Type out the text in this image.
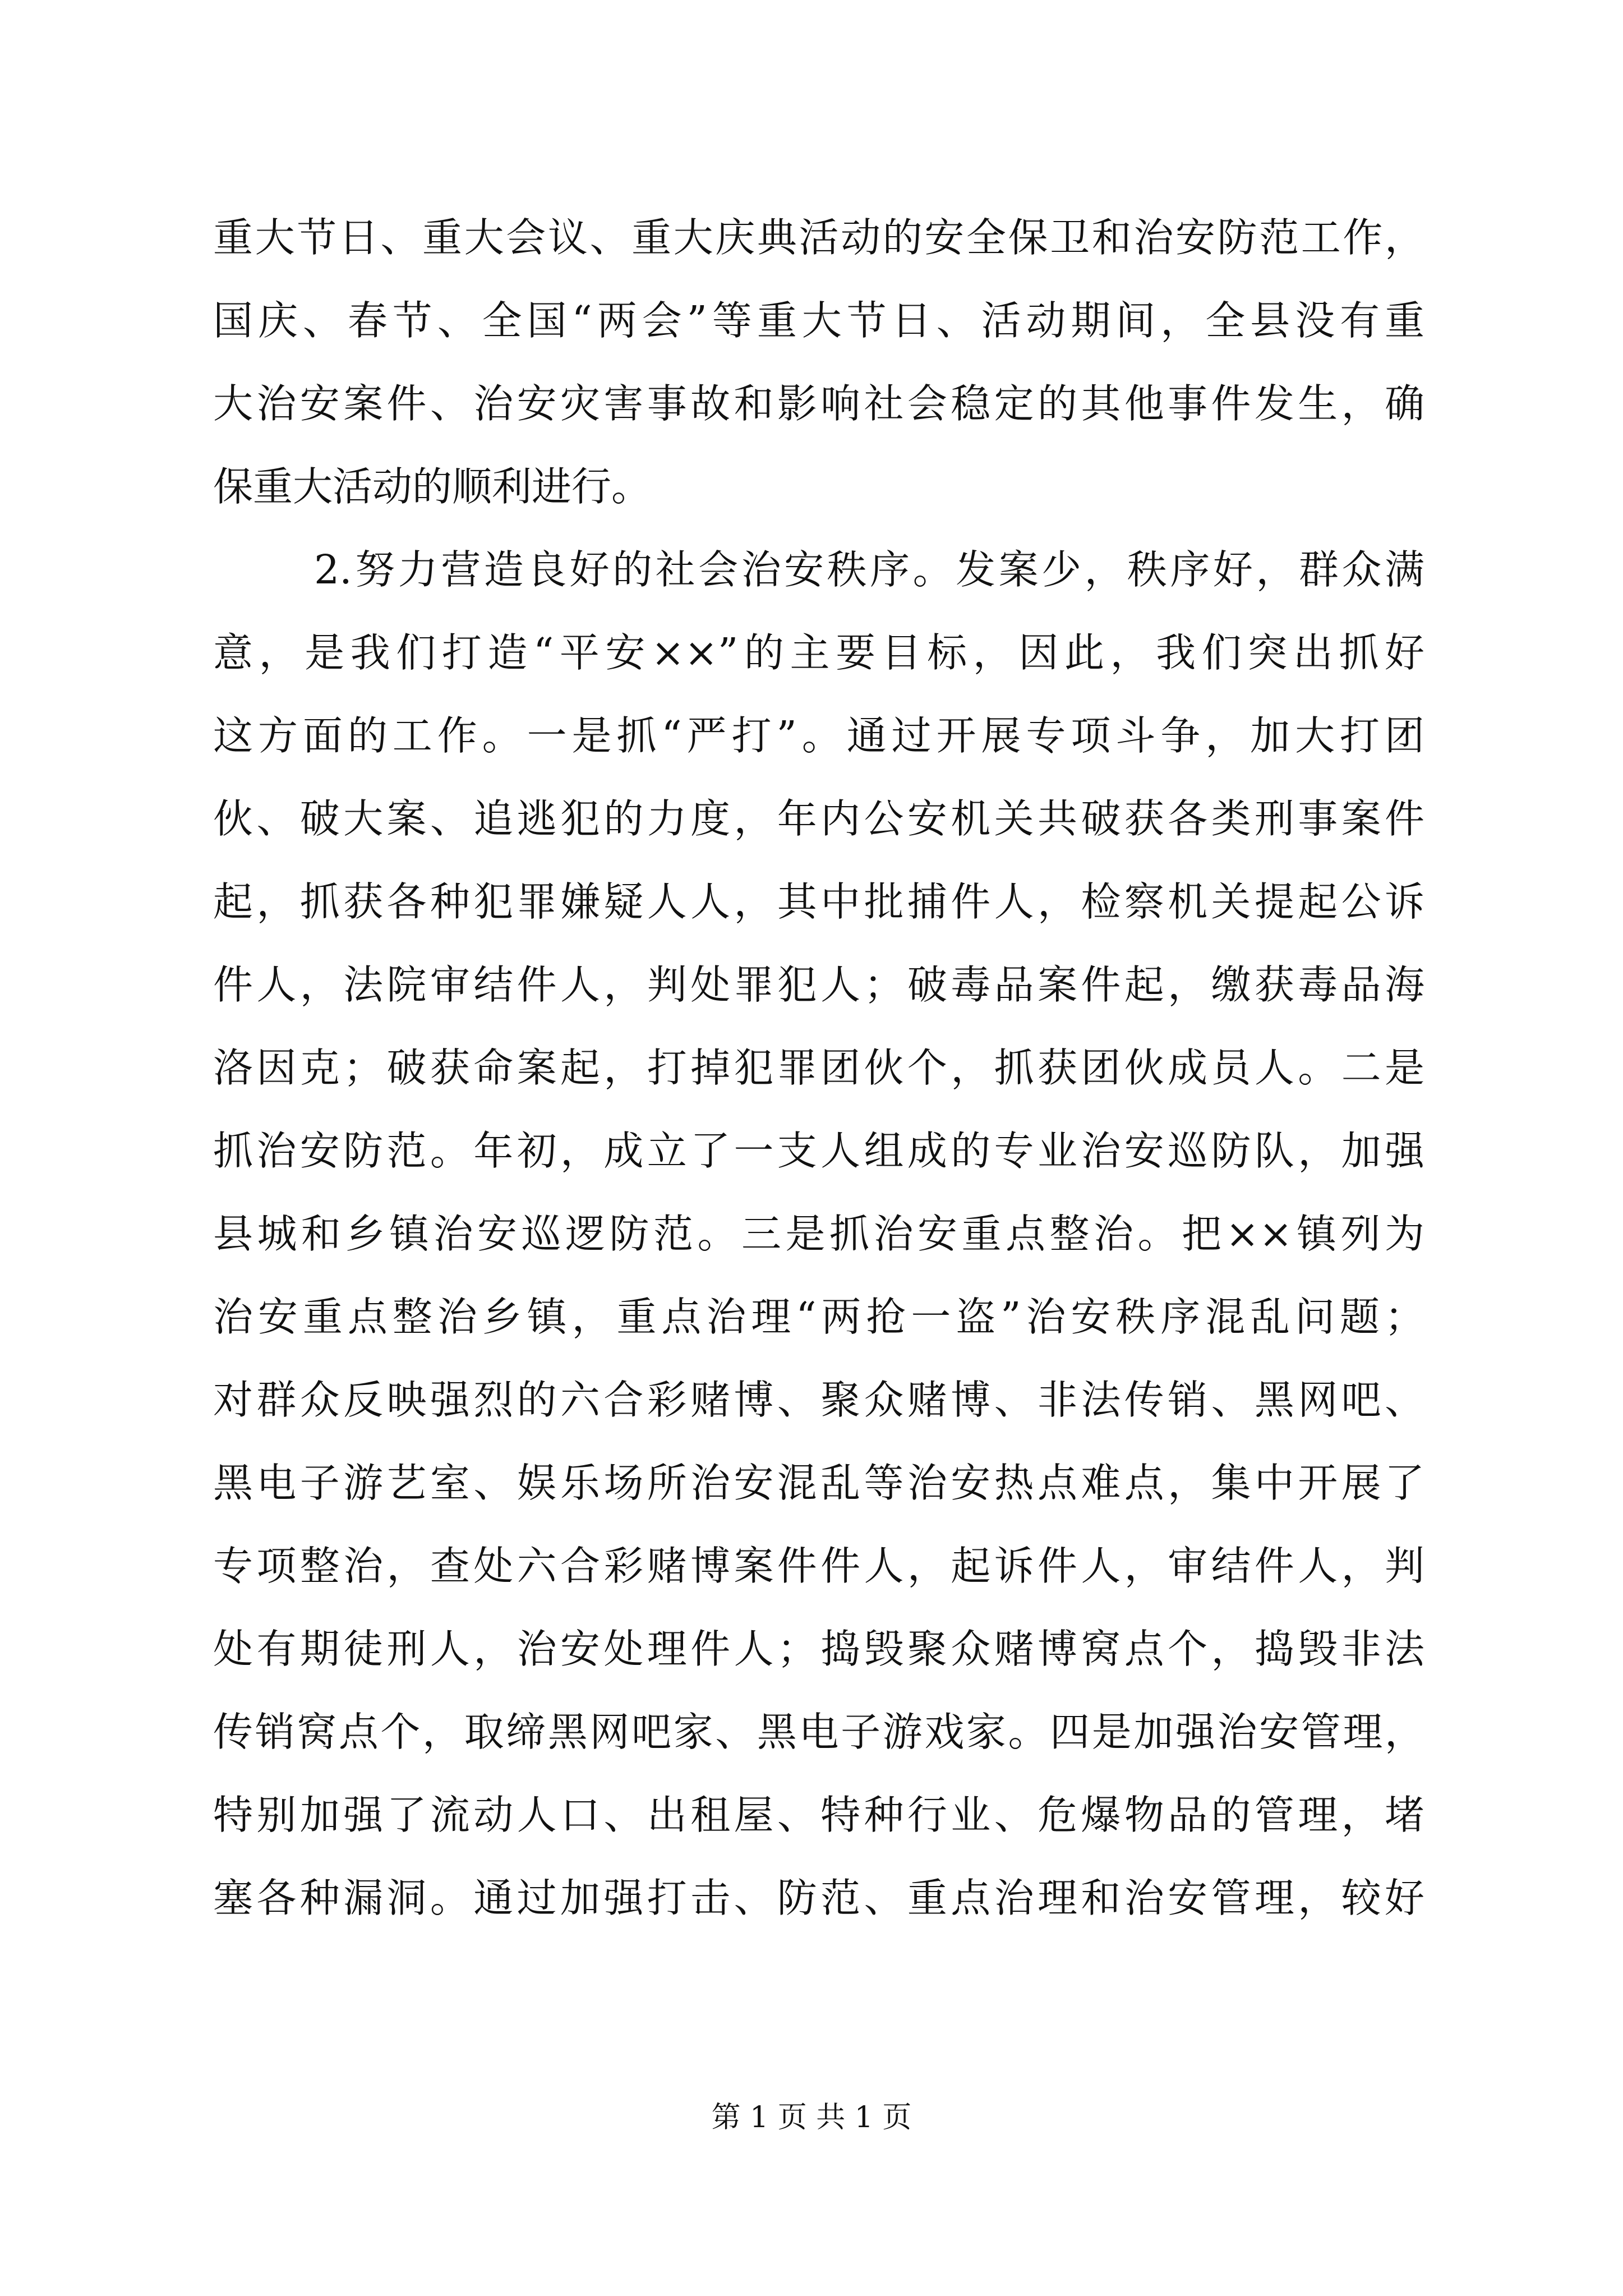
重大节日、重大会议、重大庆典活动的安全保卫和治安防范工作，
国庆、春节、全国“两会”等重大节日、活动期间，全县没有重
大治安案件、治安灾害事故和影响社会稳定的其他事件发生，确
保重大活动的顺利进行。
2.努力营造良好的社会治安秩序。发案少，秩序好，群众满
意，是我们打造“平安××”的主要目标，因此，我们突出抓好
这方面的工作。一是抓“严打”。通过开展专项斗争，加大打团
伙、破大案、追逃犯的力度，年内公安机关共破获各类刑事案件
起，抓获各种犯罪嫌疑人人，其中批捕件人，检察机关提起公诉
件人，法院审结件人，判处罪犯人；破毒品案件起，缴获毒品海
洛因克；破获命案起，打掉犯罪团伙个，抓获团伙成员人。二是
抓治安防范。年初，成立了一支人组成的专业治安巡防队，加强
县城和乡镇治安巡逻防范。三是抓治安重点整治。把××镇列为
治安重点整治乡镇，重点治理“两抢一盗”治安秩序混乱问题；
对群众反映强烈的六合彩赌博、聚众赌博、非法传销、黑网吧、
黑电子游艺室、娱乐场所治安混乱等治安热点难点，集中开展了
专项整治，查处六合彩赌博案件件人，起诉件人，审结件人，判
处有期徒刑人，治安处理件人；捣毁聚众赌博窝点个，捣毁非法
传销窝点个，取缔黑网吧家、黑电子游戏家。四是加强治安管理，
特别加强了流动人口、出租屋、特种行业、危爆物品的管理，堵
塞各种漏洞。通过加强打击、防范、重点治理和治安管理，较好
第 1 页 共 1 页
